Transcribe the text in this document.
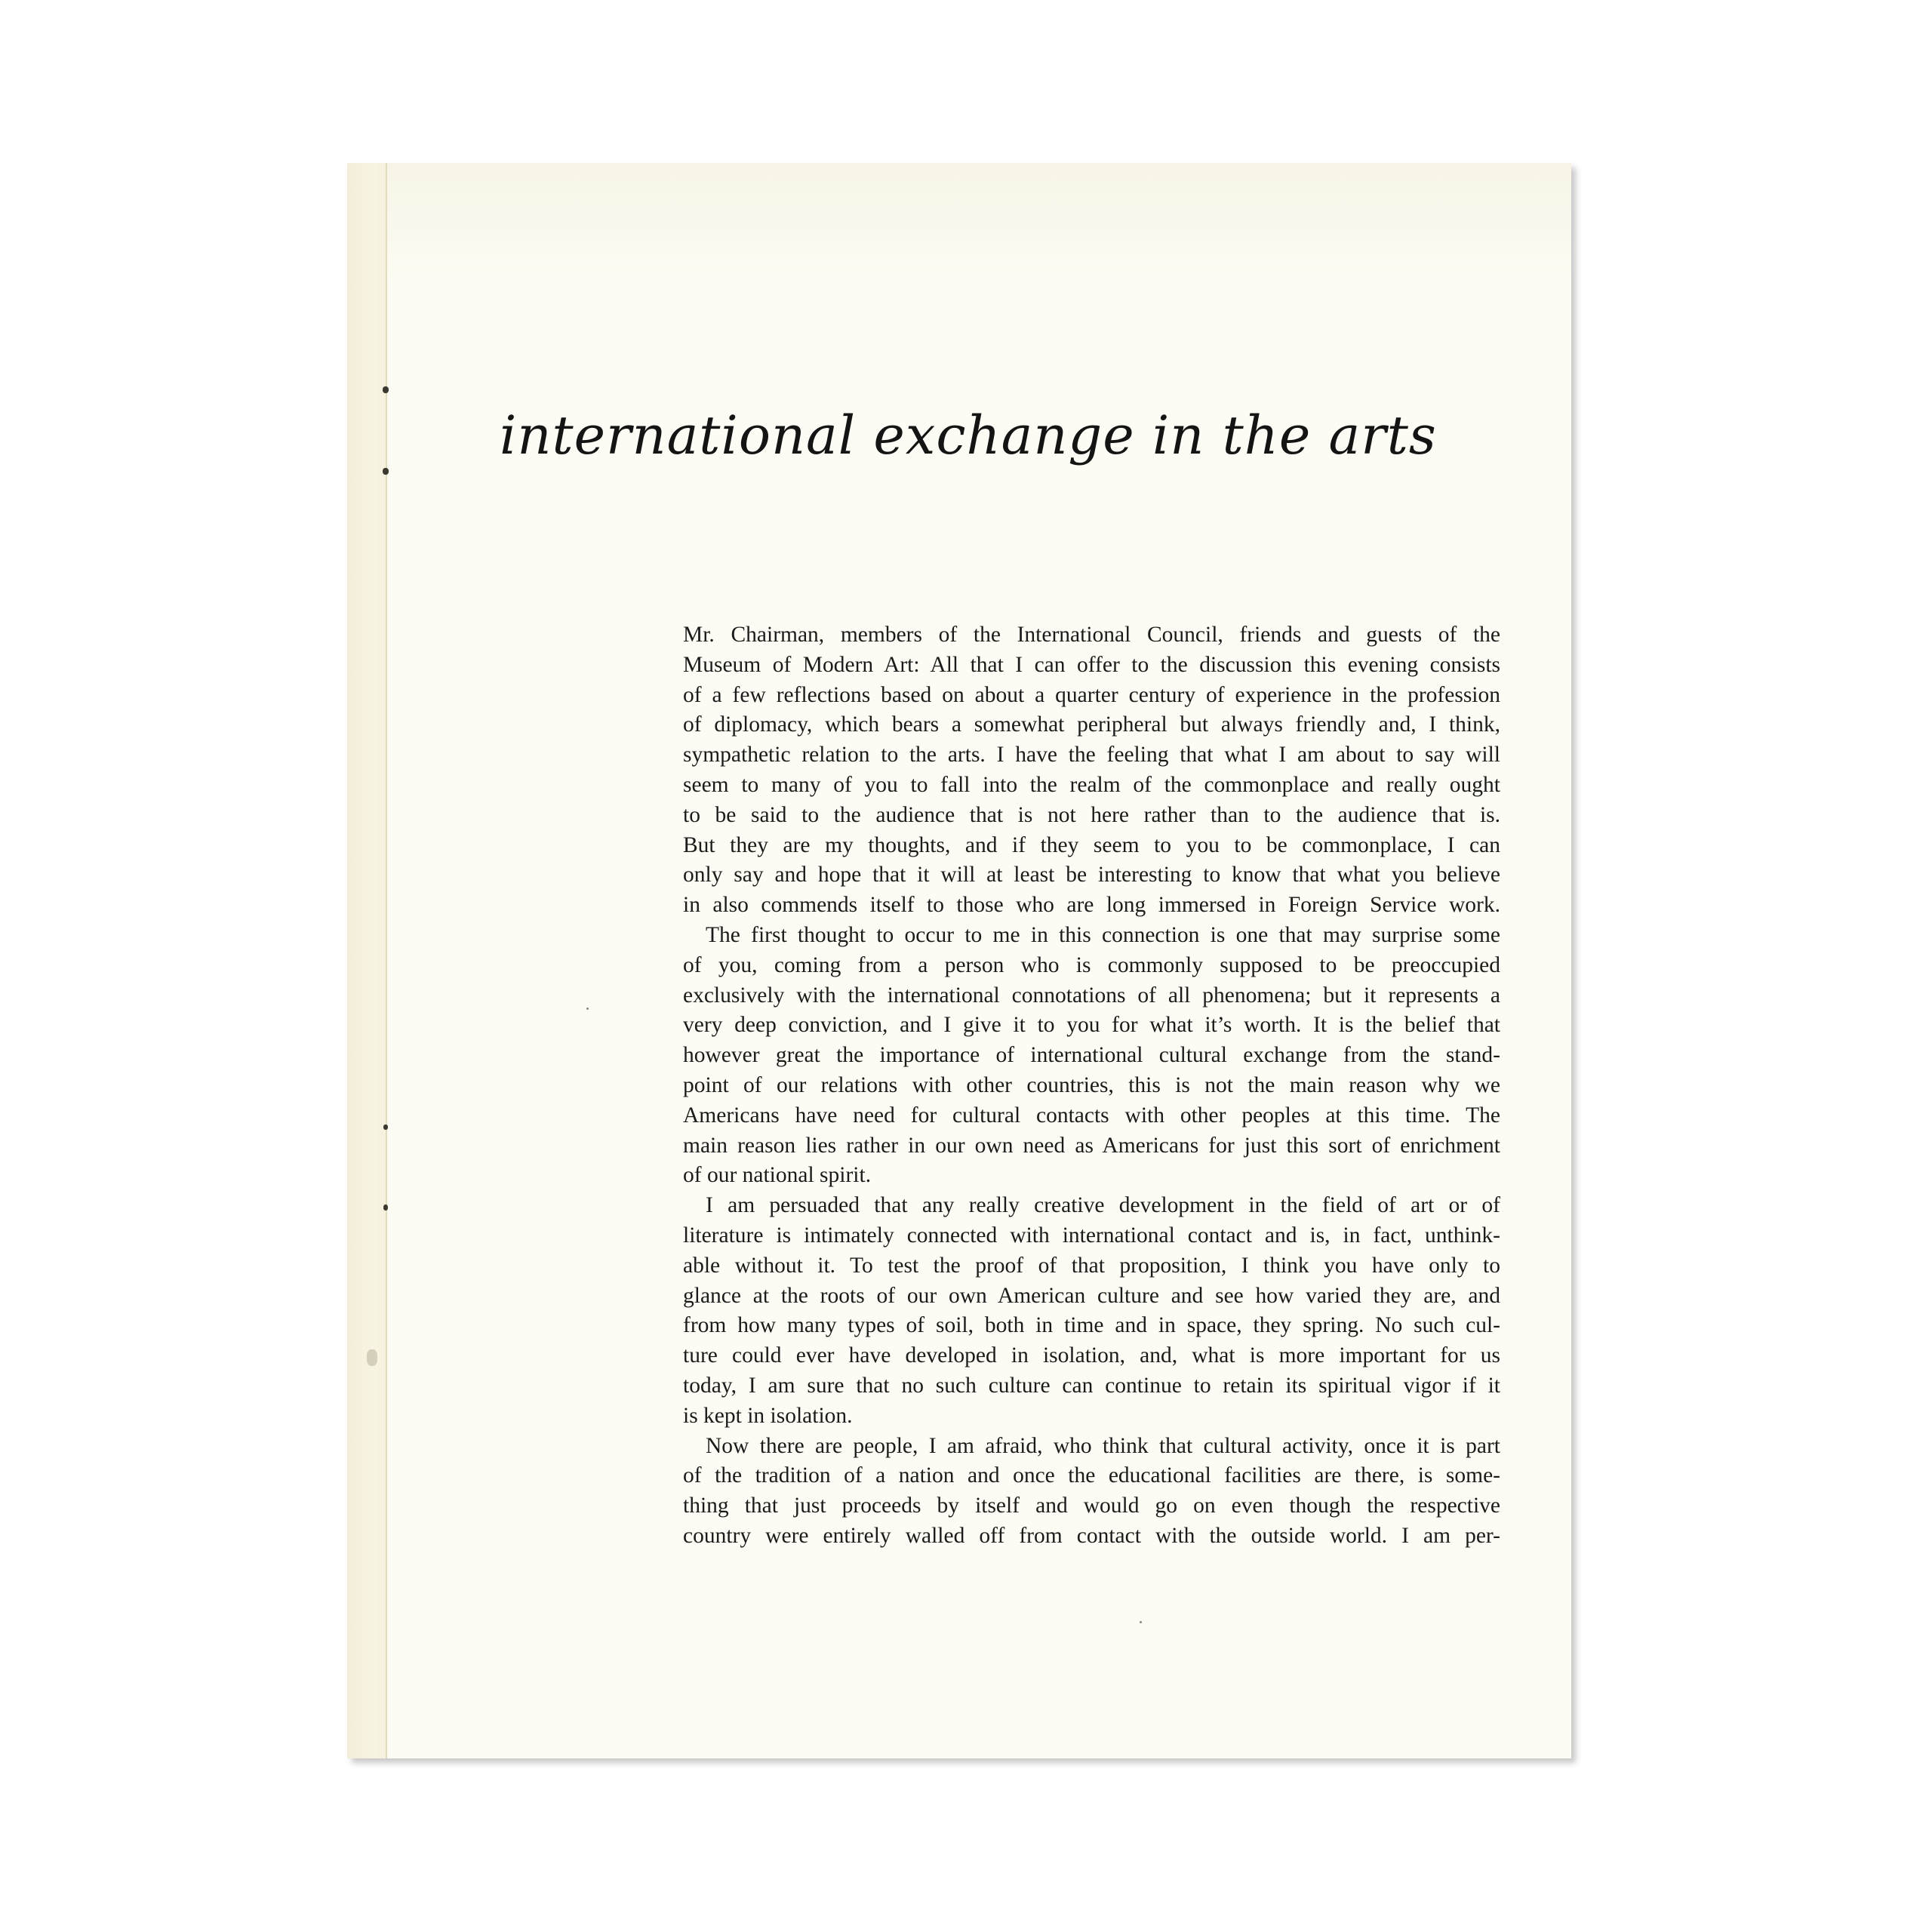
international exchange in the arts

Mr. Chairman, members of the International Council, friends and guests of the
Museum of Modern Art: All that I can offer to the discussion this evening consists
of a few reflections based on about a quarter century of experience in the profession
of diplomacy, which bears a somewhat peripheral but always friendly and, I think,
sympathetic relation to the arts. I have the feeling that what I am about to say will
seem to many of you to fall into the realm of the commonplace and really ought
to be said to the audience that is not here rather than to the audience that is.
But they are my thoughts, and if they seem to you to be commonplace, I can
only say and hope that it will at least be interesting to know that what you believe
in also commends itself to those who are long immersed in Foreign Service work.

The first thought to occur to me in this connection is one that may surprise some
of you, coming from a person who is commonly supposed to be preoccupied
exclusively with the international connotations of all phenomena; but it represents a
very deep conviction, and I give it to you for what it’s worth. It is the belief that
however great the importance of international cultural exchange from the stand-
point of our relations with other countries, this is not the main reason why we
Americans have need for cultural contacts with other peoples at this time. The
main reason lies rather in our own need as Americans for just this sort of enrichment
of our national spirit.

I am persuaded that any really creative development in the field of art or of
literature is intimately connected with international contact and is, in fact, unthink-
able without it. To test the proof of that proposition, I think you have only to
glance at the roots of our own American culture and see how varied they are, and
from how many types of soil, both in time and in space, they spring. No such cul-
ture could ever have developed in isolation, and, what is more important for us
today, I am sure that no such culture can continue to retain its spiritual vigor if it
is kept in isolation.

Now there are people, I am afraid, who think that cultural activity, once it is part
of the tradition of a nation and once the educational facilities are there, is some-
thing that just proceeds by itself and would go on even though the respective
country were entirely walled off from contact with the outside world. I am per-
